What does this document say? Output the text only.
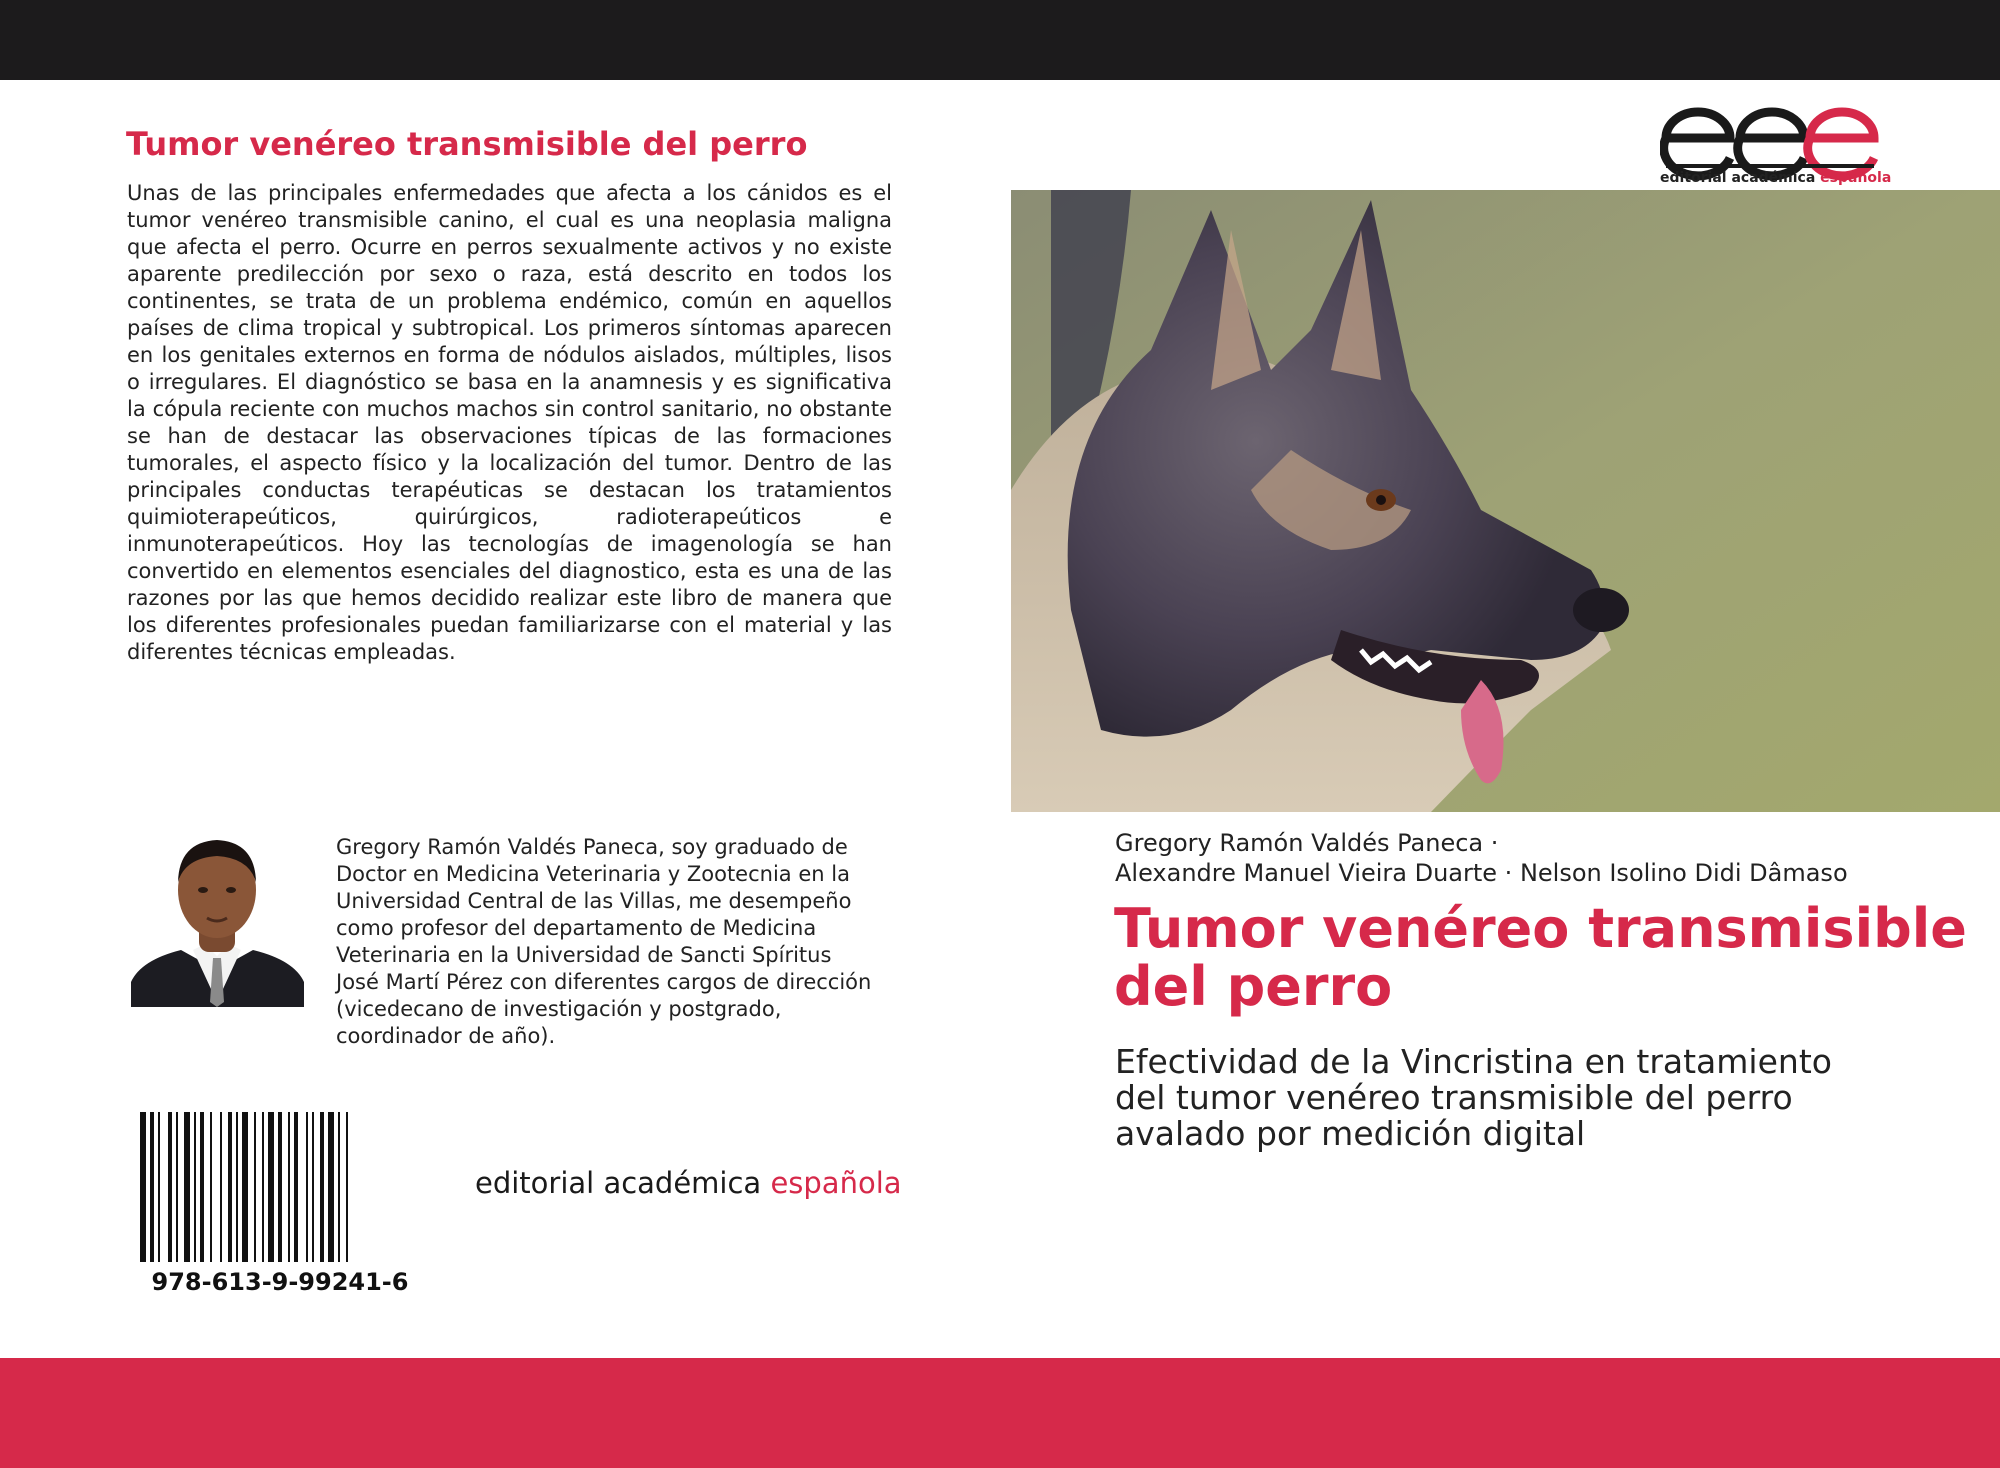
Tumor venéreo transmisible del perro

Unas de las principales enfermedades que afecta a los cánidos es el tumor venéreo transmisible canino, el cual es una neoplasia maligna que afecta el perro. Ocurre en perros sexualmente activos y no existe aparente predilección por sexo o raza, está descrito en todos los continentes, se trata de un problema endémico, común en aquellos países de clima tropical y subtropical. Los primeros síntomas aparecen en los genitales externos en forma de nódulos aislados, múltiples, lisos o irregulares. El diagnóstico se basa en la anamnesis y es significativa la cópula reciente con muchos machos sin control sanitario, no obstante se han de destacar las observaciones típicas de las formaciones tumorales, el aspecto físico y la localización del tumor. Dentro de las principales conductas terapéuticas se destacan los tratamientos quimioterapeúticos, quirúrgicos, radioterapeúticos e inmunoterapeúticos. Hoy las tecnologías de imagenología se han convertido en elementos esenciales del diagnostico, esta es una de las razones por las que hemos decidido realizar este libro de manera que los diferentes profesionales puedan familiarizarse con el material y las diferentes técnicas empleadas.

Gregory Ramón Valdés Paneca, soy graduado de Doctor en Medicina Veterinaria y Zootecnia en la Universidad Central de las Villas, me desempeño como profesor del departamento de Medicina Veterinaria en la Universidad de Sancti Spíritus José Martí Pérez con diferentes cargos de dirección (vicedecano de investigación y postgrado, coordinador de año).

978-613-9-99241-6
editorial académica española
editorial académica española
Gregory Ramón Valdés Paneca ·
Alexandre Manuel Vieira Duarte · Nelson Isolino Didi Dâmaso
Tumor venéreo transmisible del perro

Efectividad de la Vincristina en tratamiento del tumor venéreo transmisible del perro avalado por medición digital
